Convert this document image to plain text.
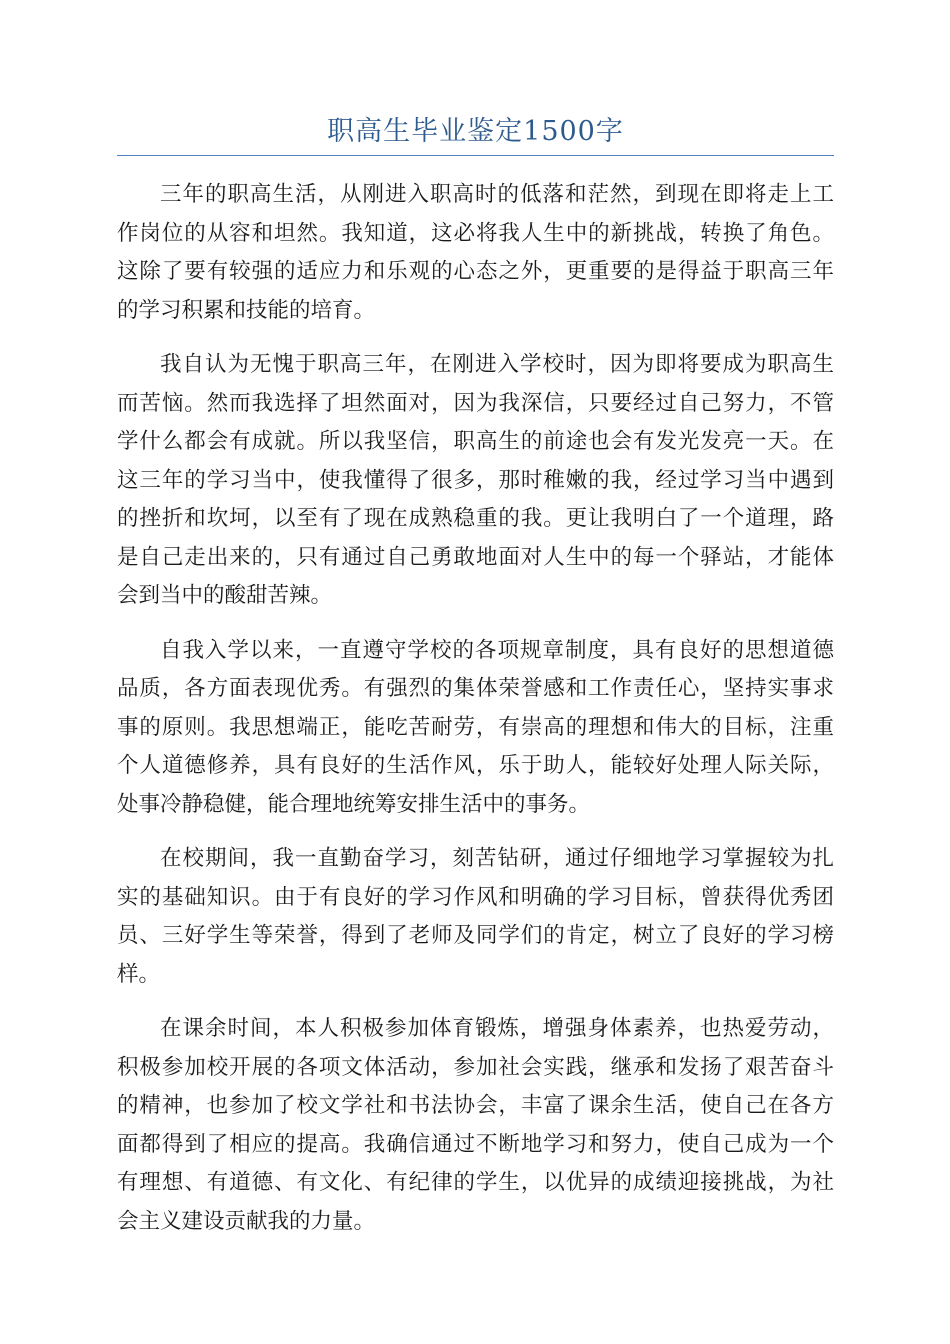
职高生毕业鉴定1500字
三年的职高生活，从刚进入职高时的低落和茫然，到现在即将走上工
作岗位的从容和坦然。我知道，这必将我人生中的新挑战，转换了角色。
这除了要有较强的适应力和乐观的心态之外，更重要的是得益于职高三年
的学习积累和技能的培育。
我自认为无愧于职高三年，在刚进入学校时，因为即将要成为职高生
而苦恼。然而我选择了坦然面对，因为我深信，只要经过自己努力，不管
学什么都会有成就。所以我坚信，职高生的前途也会有发光发亮一天。在
这三年的学习当中，使我懂得了很多，那时稚嫩的我，经过学习当中遇到
的挫折和坎坷，以至有了现在成熟稳重的我。更让我明白了一个道理，路
是自己走出来的，只有通过自己勇敢地面对人生中的每一个驿站，才能体
会到当中的酸甜苦辣。
自我入学以来，一直遵守学校的各项规章制度，具有良好的思想道德
品质，各方面表现优秀。有强烈的集体荣誉感和工作责任心，坚持实事求
事的原则。我思想端正，能吃苦耐劳，有崇高的理想和伟大的目标，注重
个人道德修养，具有良好的生活作风，乐于助人，能较好处理人际关际，
处事冷静稳健，能合理地统筹安排生活中的事务。
在校期间，我一直勤奋学习，刻苦钻研，通过仔细地学习掌握较为扎
实的基础知识。由于有良好的学习作风和明确的学习目标，曾获得优秀团
员、三好学生等荣誉，得到了老师及同学们的肯定，树立了良好的学习榜
样。
在课余时间，本人积极参加体育锻炼，增强身体素养，也热爱劳动，
积极参加校开展的各项文体活动，参加社会实践，继承和发扬了艰苦奋斗
的精神，也参加了校文学社和书法协会，丰富了课余生活，使自己在各方
面都得到了相应的提高。我确信通过不断地学习和努力，使自己成为一个
有理想、有道德、有文化、有纪律的学生，以优异的成绩迎接挑战，为社
会主义建设贡献我的力量。
